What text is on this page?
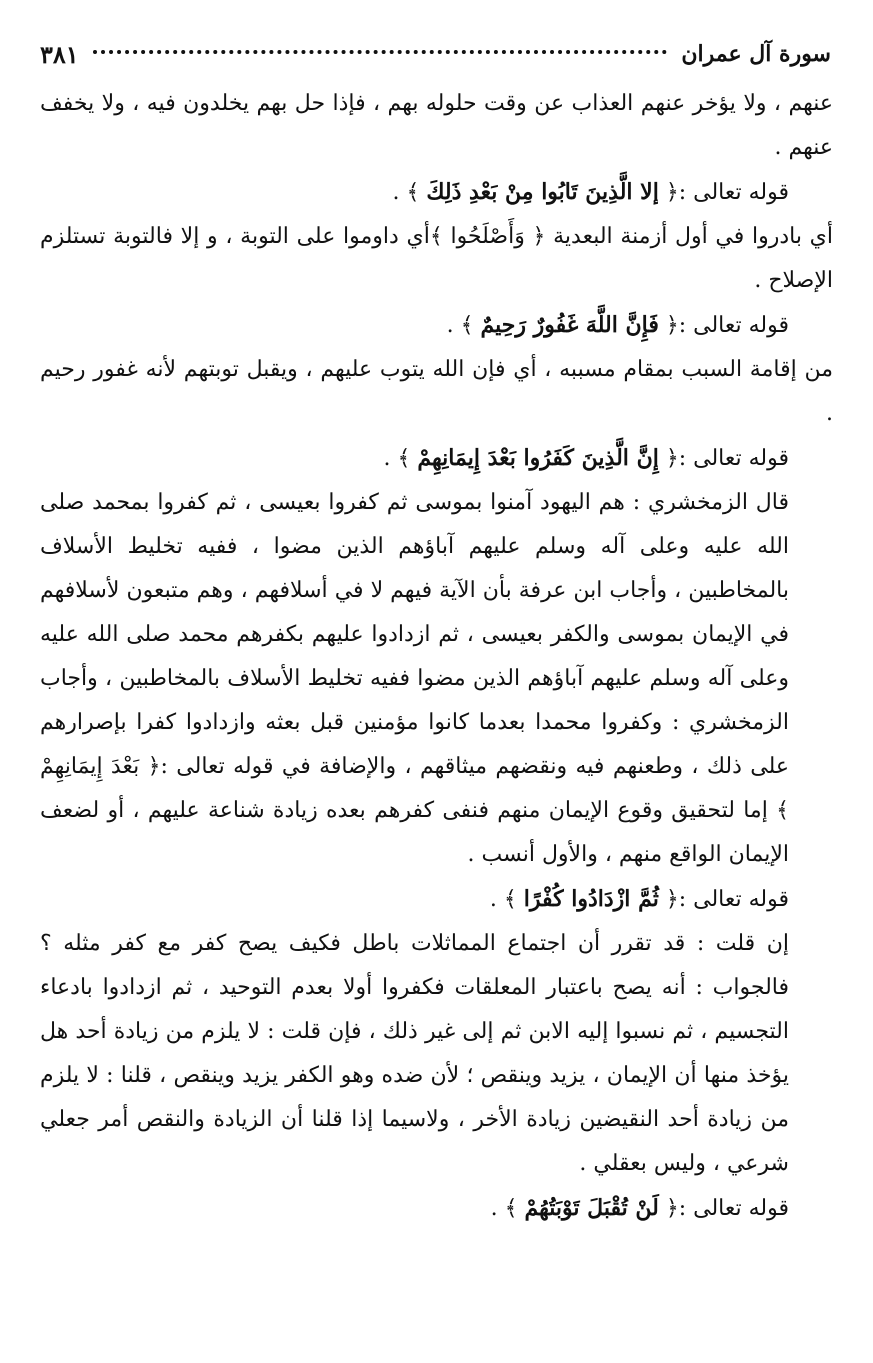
سورة آل عمران
٣٨١

عنهم ، ولا يؤخر عنهم العذاب عن وقت حلوله بهم ، فإذا حل بهم يخلدون فيه ، ولا يخفف عنهم .

قوله تعالى :﴿ إلا الَّذِينَ تَابُوا مِنْ بَعْدِ ذَلِكَ ﴾ .

أي بادروا في أول أزمنة البعدية ﴿ وَأَصْلَحُوا ﴾أي داوموا على التوبة ، و إلا فالتوبة تستلزم الإصلاح .

قوله تعالى :﴿ فَإِنَّ اللَّهَ غَفُورٌ رَحِيمٌ ﴾ .

من إقامة السبب بمقام مسببه ، أي فإن الله يتوب عليهم ، ويقبل توبتهم لأنه غفور رحيم .

قوله تعالى :﴿ إِنَّ الَّذِينَ كَفَرُوا بَعْدَ إِيمَانِهِمْ ﴾ .

قال الزمخشري : هم اليهود آمنوا بموسى ثم كفروا بعيسى ، ثم كفروا بمحمد صلى الله عليه وعلى آله وسلم عليهم آباؤهم الذين مضوا ، ففيه تخليط الأسلاف بالمخاطبين ، وأجاب ابن عرفة بأن الآية فيهم لا في أسلافهم ، وهم متبعون لأسلافهم في الإيمان بموسى والكفر بعيسى ، ثم ازدادوا عليهم بكفرهم محمد صلى الله عليه وعلى آله وسلم عليهم آباؤهم الذين مضوا ففيه تخليط الأسلاف بالمخاطبين ، وأجاب الزمخشري : وكفروا محمدا بعدما كانوا مؤمنين قبل بعثه وازدادوا كفرا بإصرارهم على ذلك ، وطعنهم فيه ونقضهم ميثاقهم ، والإضافة في قوله تعالى :﴿ بَعْدَ إِيمَانِهِمْ ﴾ إما لتحقيق وقوع الإيمان منهم فنفى كفرهم بعده زيادة شناعة عليهم ، أو لضعف الإيمان الواقع منهم ، والأول أنسب .

قوله تعالى :﴿ ثُمَّ ازْدَادُوا كُفْرًا ﴾ .

إن قلت : قد تقرر أن اجتماع المماثلات باطل فكيف يصح كفر مع كفر مثله ؟ فالجواب : أنه يصح باعتبار المعلقات فكفروا أولا بعدم التوحيد ، ثم ازدادوا بادعاء التجسيم ، ثم نسبوا إليه الابن ثم إلى غير ذلك ، فإن قلت : لا يلزم من زيادة أحد هل يؤخذ منها أن الإيمان ، يزيد وينقص ؛ لأن ضده وهو الكفر يزيد وينقص ، قلنا : لا يلزم من زيادة أحد النقيضين زيادة الأخر ، ولاسيما إذا قلنا أن الزيادة والنقص أمر جعلي شرعي ، وليس بعقلي .

قوله تعالى :﴿ لَنْ تُقْبَلَ تَوْبَتُهُمْ ﴾ .
